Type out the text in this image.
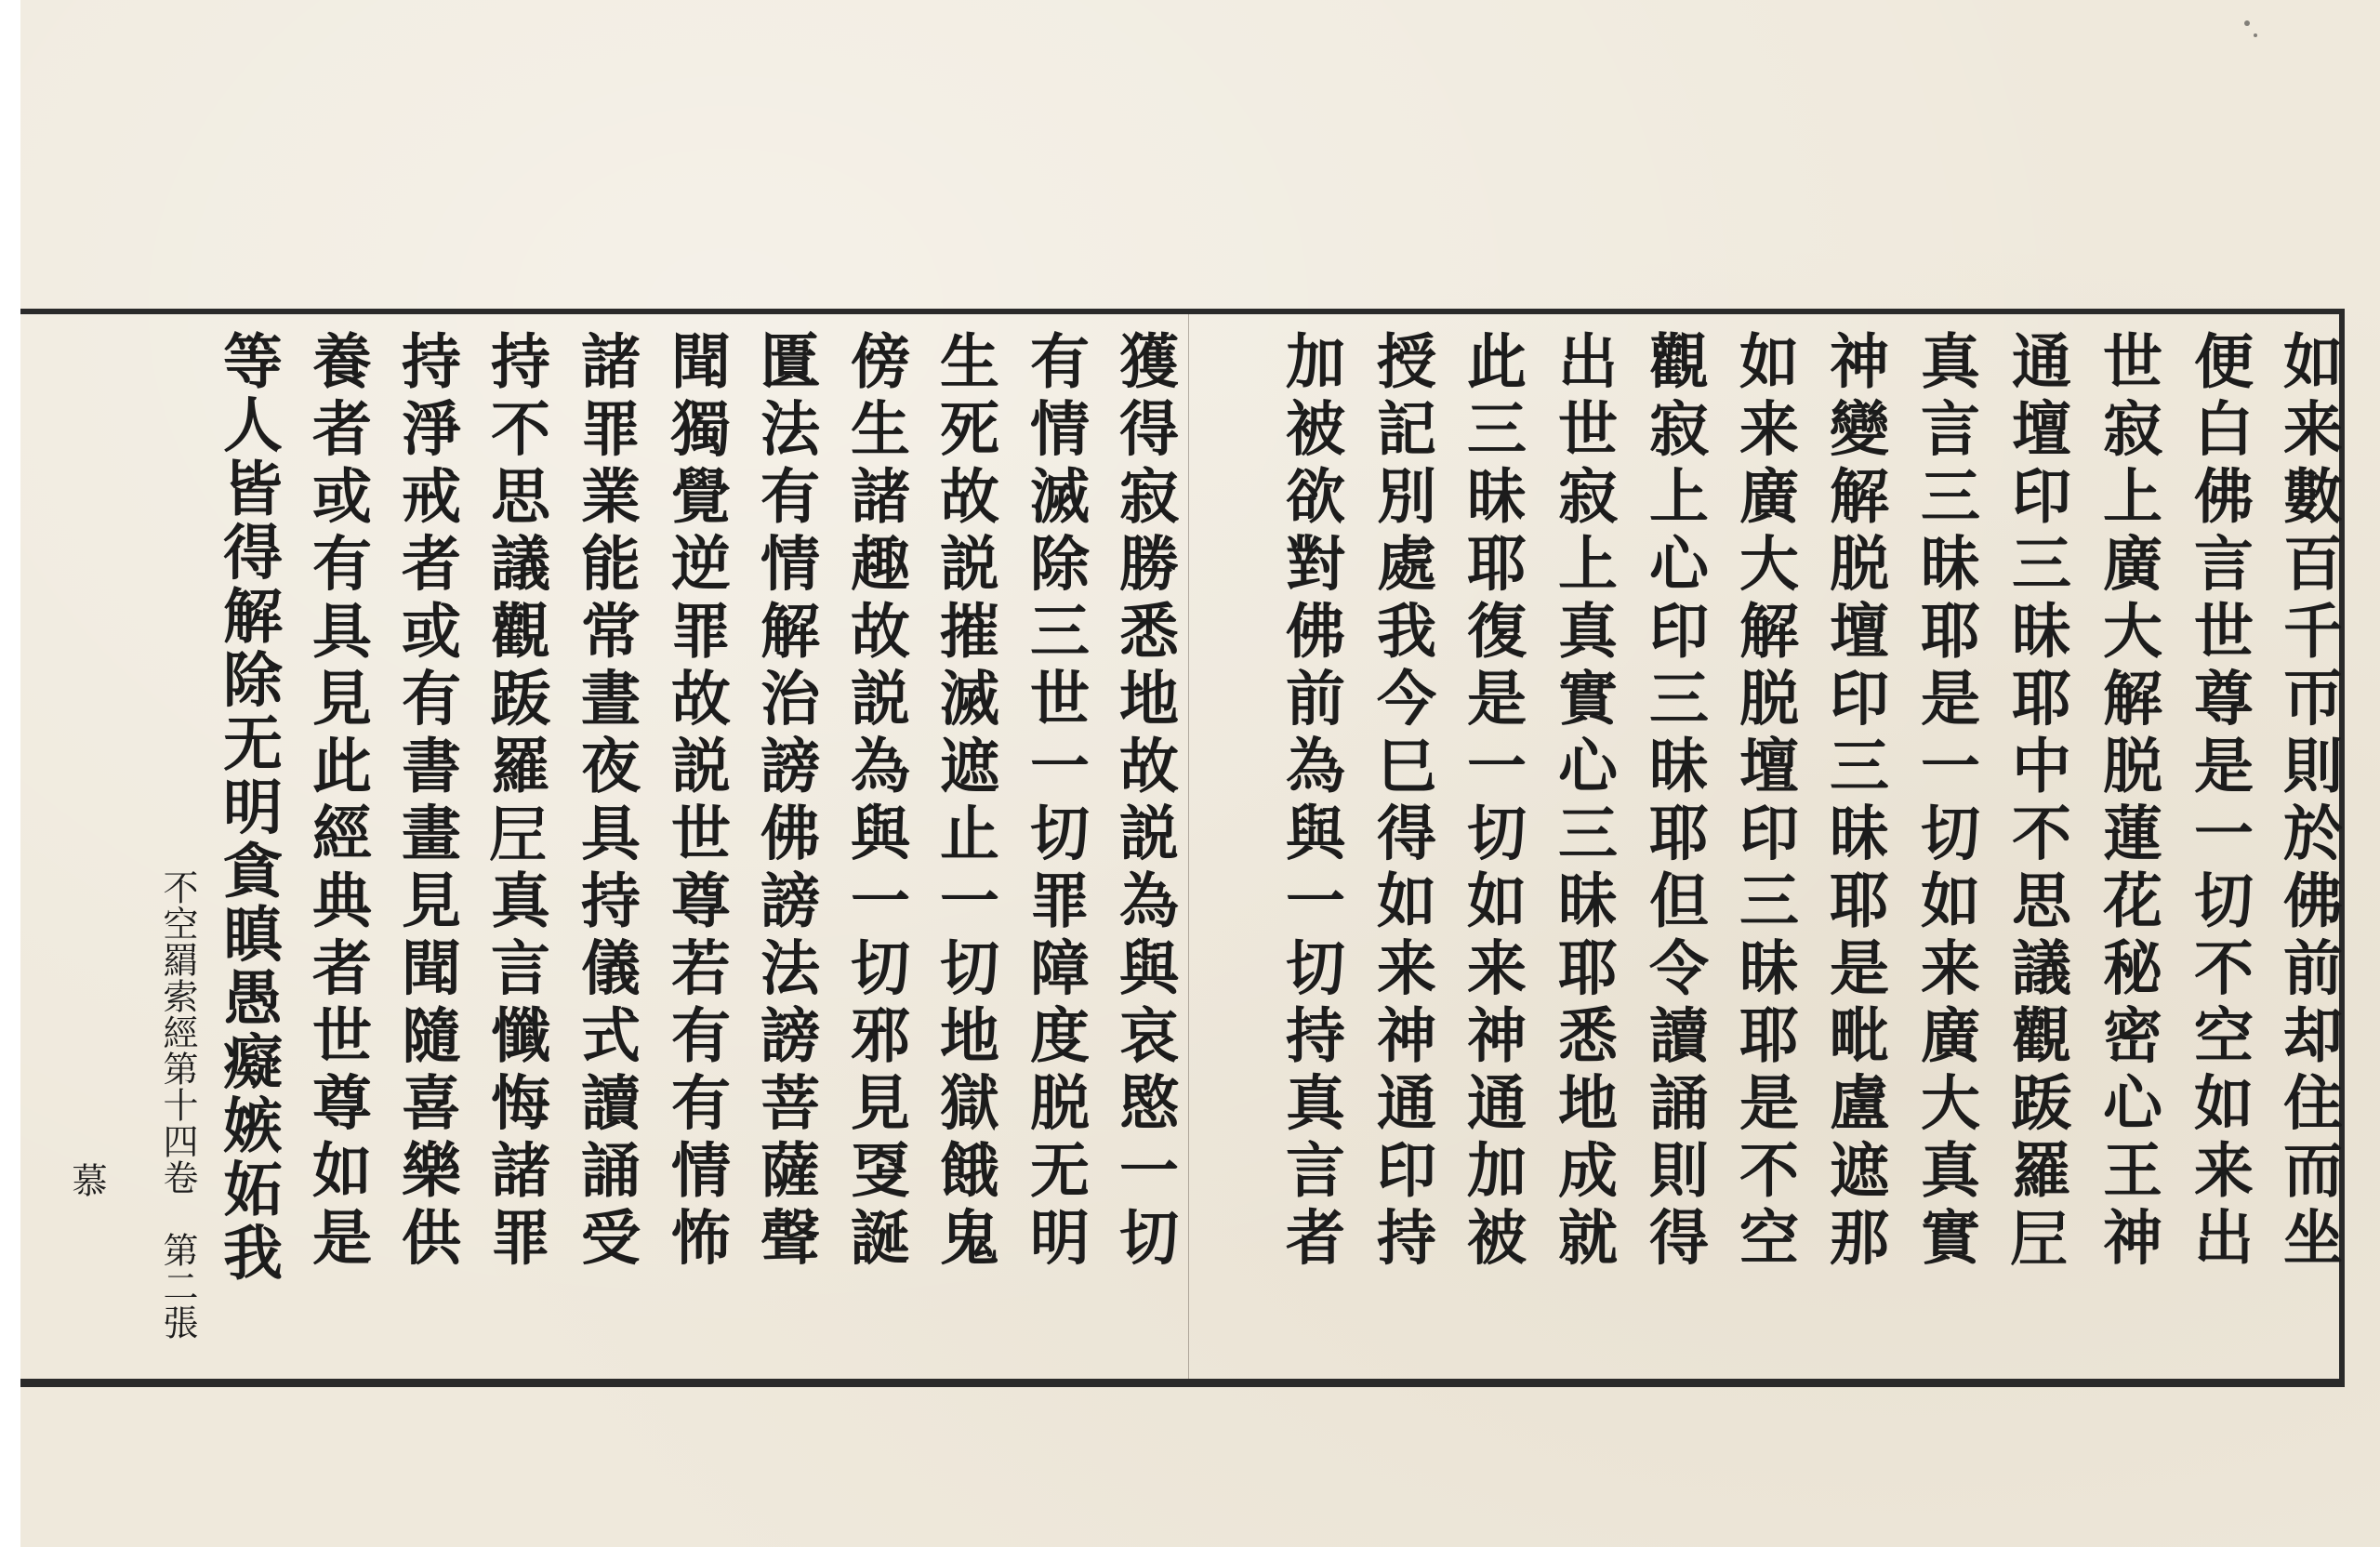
如来數百千帀則於佛前却住而坐
便白佛言世尊是一切不空如来出
世寂上廣大解脱蓮花秘密心王神
通壇印三昧耶中不思議觀䟦羅𡰱
真言三昧耶是一切如来廣大真實
神變解脱壇印三昧耶是毗盧遮那
如来廣大解脱壇印三昧耶是不空
觀寂上心印三昧耶但令讀誦則得
出世寂上真實心三昧耶悉地成就
此三昧耶復是一切如来神通加被
授記別處我今巳得如来神通印持
加被欲對佛前為與一切持真言者
獲得寂勝悉地故説為與哀愍一切
有情滅除三世一切罪障度脱无明
生死故説摧滅遮止一切地獄餓鬼
傍生諸趣故説為與一切邪見㪅誕
匱法有情解治謗佛謗法謗菩薩聲
聞獨覺逆罪故説世尊若有有情怖
諸罪業能常晝夜具持儀式讀誦受
持不思議觀䟦羅𡰱真言懺悔諸罪
持淨戒者或有書畫見聞隨喜樂供
養者或有具見此經典者世尊如是
等人皆得解除无明貪瞋愚癡嫉妬我
不空羂索經第十四卷　第二張
慕
